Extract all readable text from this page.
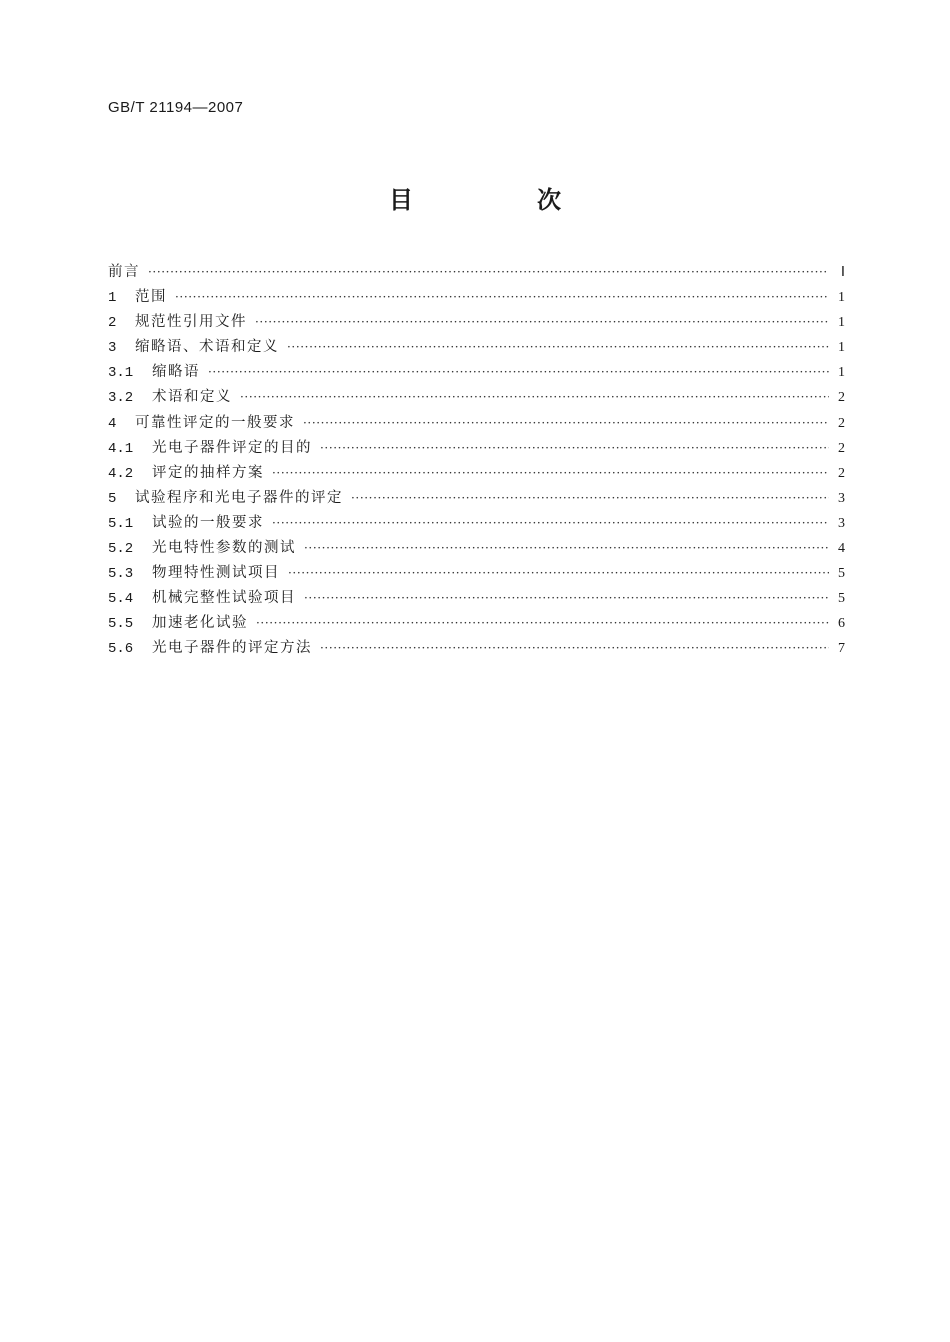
GB/T 21194—2007
目　次
前言 ·····	Ⅰ
1	范围 ·····	1
2	规范性引用文件 ·····	1
3	缩略语、术语和定义 ·····	1
3.1	缩略语 ·····	1
3.2	术语和定义 ·····	2
4	可靠性评定的一般要求 ·····	2
4.1	光电子器件评定的目的 ·····	2
4.2	评定的抽样方案 ·····	2
5	试验程序和光电子器件的评定 ·····	3
5.1	试验的一般要求 ·····	3
5.2	光电特性参数的测试 ·····	4
5.3	物理特性测试项目 ·····	5
5.4	机械完整性试验项目 ·····	5
5.5	加速老化试验 ·····	6
5.6	光电子器件的评定方法 ·····	7
